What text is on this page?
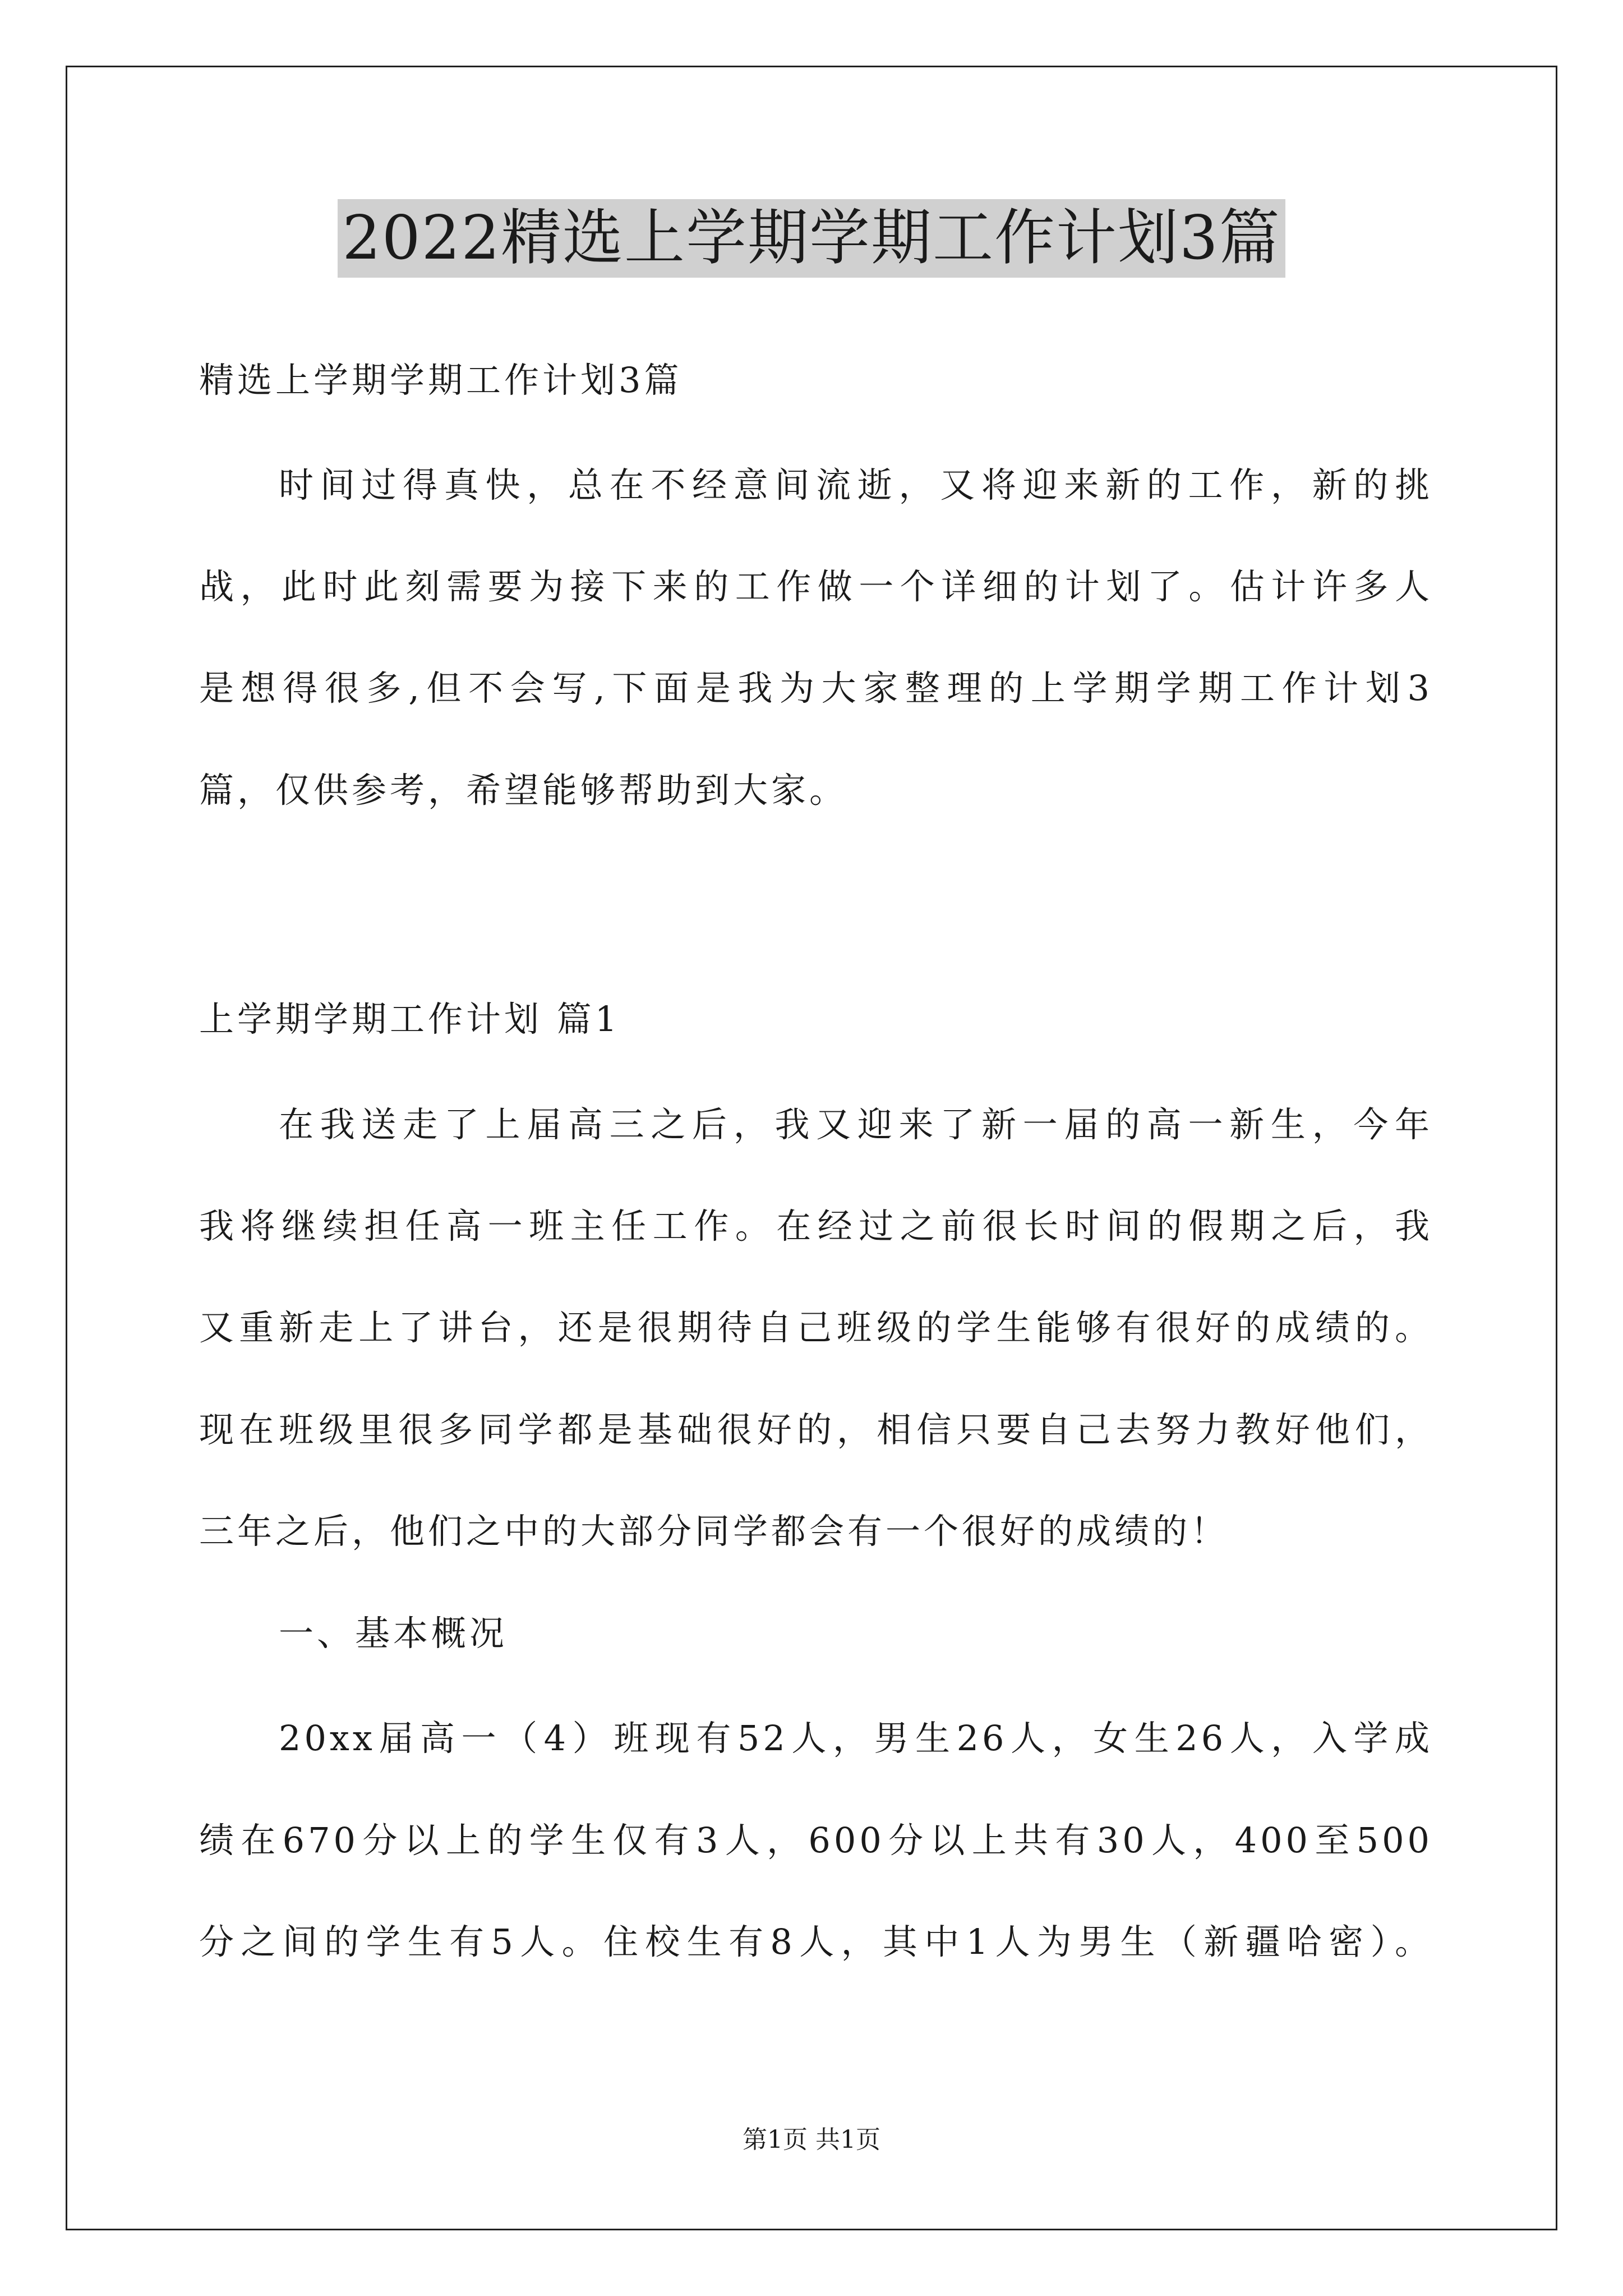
2022精选上学期学期工作计划3篇
精选上学期学期工作计划3篇
时间过得真快，总在不经意间流逝，又将迎来新的工作，新的挑
战，此时此刻需要为接下来的工作做一个详细的计划了。估计许多人
是想得很多,但不会写,下面是我为大家整理的上学期学期工作计划3
篇，仅供参考，希望能够帮助到大家。
上学期学期工作计划 篇1
在我送走了上届高三之后，我又迎来了新一届的高一新生，今年
我将继续担任高一班主任工作。在经过之前很长时间的假期之后，我
又重新走上了讲台，还是很期待自己班级的学生能够有很好的成绩的。
现在班级里很多同学都是基础很好的，相信只要自己去努力教好他们，
三年之后，他们之中的大部分同学都会有一个很好的成绩的！
一、基本概况
20xx届高一（4）班现有52人，男生26人，女生26人，入学成
绩在670分以上的学生仅有3人，600分以上共有30人，400至500
分之间的学生有5人。住校生有8人，其中1人为男生（新疆哈密）。
第1页 共1页
